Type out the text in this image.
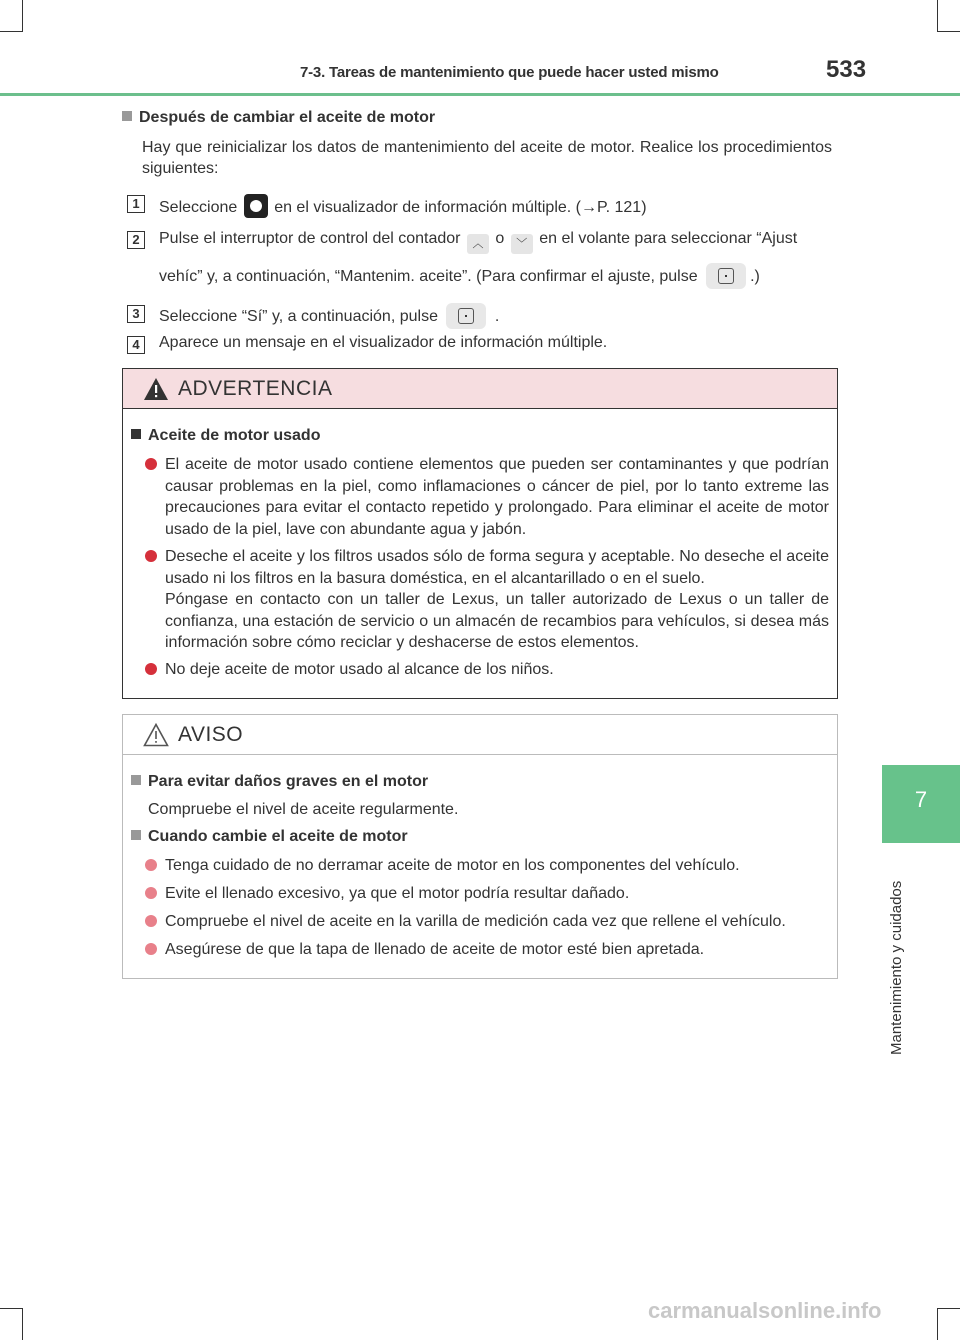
7-3. Tareas de mantenimiento que puede hacer usted mismo	533
7
Mantenimiento y cuidados
Después de cambiar el aceite de motor
Hay que reinicializar los datos de mantenimiento del aceite de motor. Realice los procedimientos siguientes:
1	Seleccione en el visualizador de información múltiple. (→P. 121)
2	Pulse el interruptor de control del contador ︿ o ﹀ en el volante para seleccionar “Ajust
vehíc” y, a continuación, “Mantenim. aceite”. (Para confirmar el ajuste, pulse	.)
3	Seleccione “Sí” y, a continuación, pulse	.
4	Aparece un mensaje en el visualizador de información múltiple.
ADVERTENCIA
Aceite de motor usado
El aceite de motor usado contiene elementos que pueden ser contaminantes y que podrían causar problemas en la piel, como inflamaciones o cáncer de piel, por lo tanto extreme las precauciones para evitar el contacto repetido y prolongado. Para eliminar el aceite de motor usado de la piel, lave con abundante agua y jabón.
Deseche el aceite y los filtros usados sólo de forma segura y aceptable. No deseche el aceite usado ni los filtros en la basura doméstica, en el alcantarillado o en el suelo.
Póngase en contacto con un taller de Lexus, un taller autorizado de Lexus o un taller de confianza, una estación de servicio o un almacén de recambios para vehículos, si desea más información sobre cómo reciclar y deshacerse de estos elementos.
No deje aceite de motor usado al alcance de los niños.
AVISO
Para evitar daños graves en el motor
Compruebe el nivel de aceite regularmente.
Cuando cambie el aceite de motor
Tenga cuidado de no derramar aceite de motor en los componentes del vehículo.
Evite el llenado excesivo, ya que el motor podría resultar dañado.
Compruebe el nivel de aceite en la varilla de medición cada vez que rellene el vehículo.
Asegúrese de que la tapa de llenado de aceite de motor esté bien apretada.
carmanualsonline.info
